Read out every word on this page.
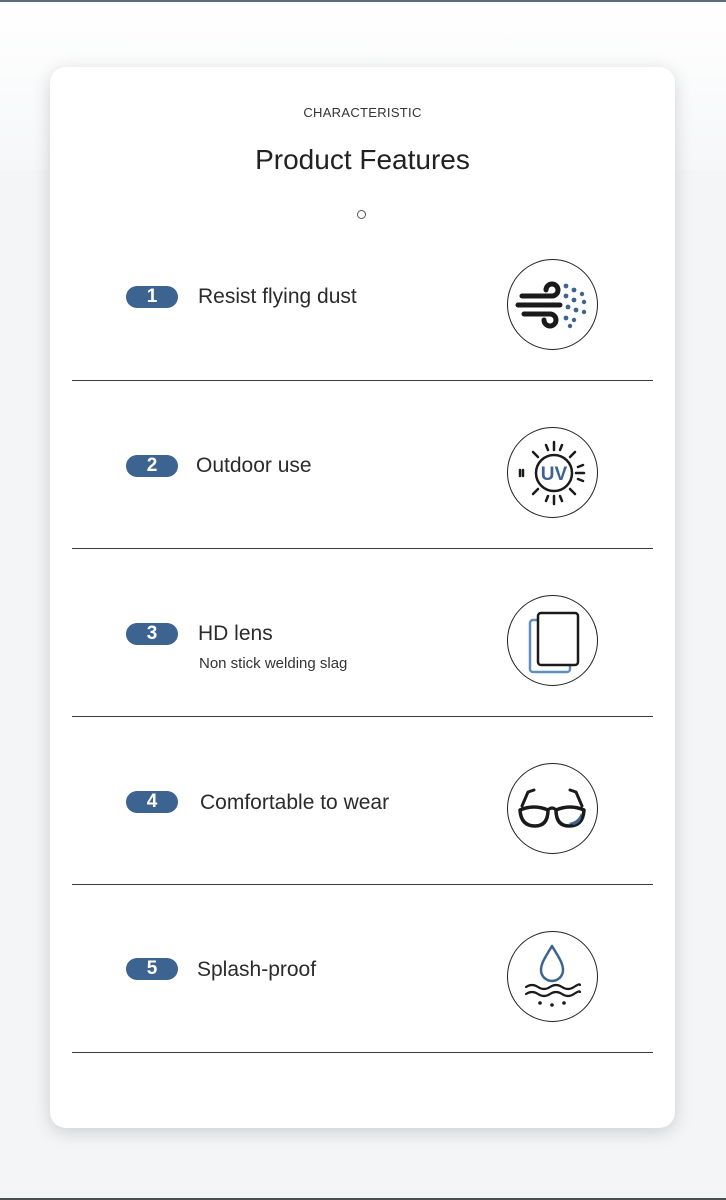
CHARACTERISTIC
Product Features
1	Resist flying dust
2	Outdoor use	UV
3	HD lens
Non stick welding slag
4	Comfortable to wear
5	Splash-proof
